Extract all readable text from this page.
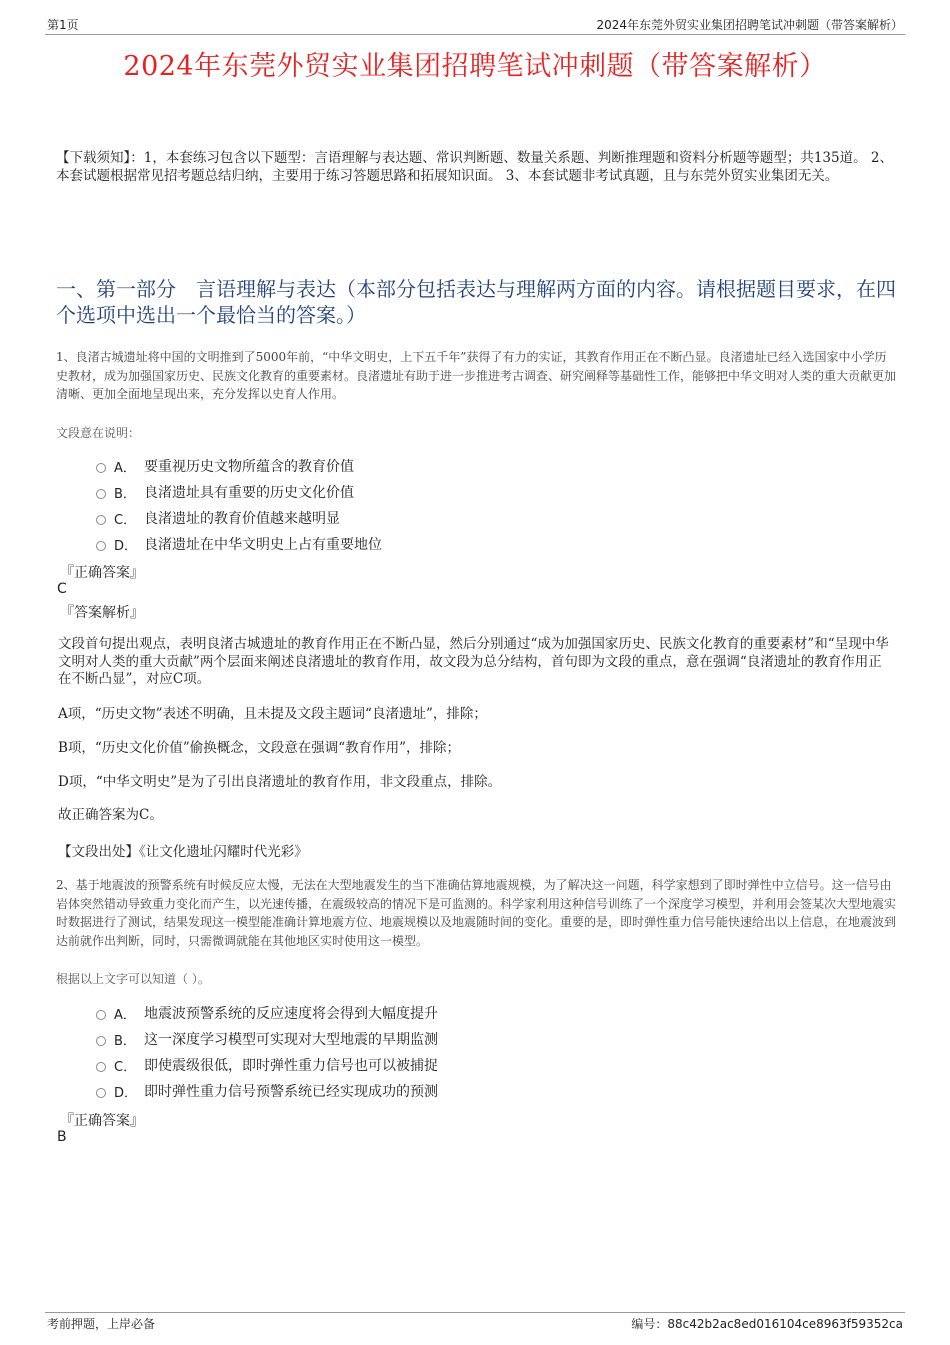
第1页	2024年东莞外贸实业集团招聘笔试冲刺题（带答案解析）
2024年东莞外贸实业集团招聘笔试冲刺题（带答案解析）
【下载须知】：1，本套练习包含以下题型：言语理解与表达题、常识判断题、数量关系题、判断推理题和资料分析题等题型；共135道。 2、本套试题根据常见招考题总结归纳，主要用于练习答题思路和拓展知识面。 3、本套试题非考试真题，且与东莞外贸实业集团无关。
一、第一部分　言语理解与表达（本部分包括表达与理解两方面的内容。请根据题目要求，在四个选项中选出一个最恰当的答案。）
1、良渚古城遗址将中国的文明推到了5000年前，“中华文明史，上下五千年”获得了有力的实证，其教育作用正在不断凸显。良渚遗址已经入选国家中小学历史教材，成为加强国家历史、民族文化教育的重要素材。良渚遗址有助于进一步推进考古调查、研究阐释等基础性工作，能够把中华文明对人类的重大贡献更加清晰、更加全面地呈现出来，充分发挥以史育人作用。
文段意在说明：
A． 要重视历史文物所蕴含的教育价值
B． 良渚遗址具有重要的历史文化价值
C． 良渚遗址的教育价值越来越明显
D． 良渚遗址在中华文明史上占有重要地位
『正确答案』
C
『答案解析』
文段首句提出观点，表明良渚古城遗址的教育作用正在不断凸显，然后分别通过“成为加强国家历史、民族文化教育的重要素材”和“呈现中华文明对人类的重大贡献”两个层面来阐述良渚遗址的教育作用，故文段为总分结构，首句即为文段的重点，意在强调“良渚遗址的教育作用正在不断凸显”，对应C项。
A项，“历史文物”表述不明确，且未提及文段主题词“良渚遗址”，排除；
B项，“历史文化价值”偷换概念，文段意在强调“教育作用”，排除；
D项，“中华文明史”是为了引出良渚遗址的教育作用，非文段重点，排除。
故正确答案为C。
【文段出处】《让文化遗址闪耀时代光彩》
2、基于地震波的预警系统有时候反应太慢，无法在大型地震发生的当下准确估算地震规模，为了解决这一问题，科学家想到了即时弹性中立信号。这一信号由岩体突然错动导致重力变化而产生，以光速传播，在震级较高的情况下是可监测的。科学家利用这种信号训练了一个深度学习模型，并利用会签某次大型地震实时数据进行了测试，结果发现这一模型能准确计算地震方位、地震规模以及地震随时间的变化。重要的是，即时弹性重力信号能快速给出以上信息，在地震波到达前就作出判断，同时，只需微调就能在其他地区实时使用这一模型。
根据以上文字可以知道（ ）。
A． 地震波预警系统的反应速度将会得到大幅度提升
B． 这一深度学习模型可实现对大型地震的早期监测
C． 即使震级很低，即时弹性重力信号也可以被捕捉
D． 即时弹性重力信号预警系统已经实现成功的预测
『正确答案』
B
考前押题，上岸必备	编号：88c42b2ac8ed016104ce8963f59352ca
